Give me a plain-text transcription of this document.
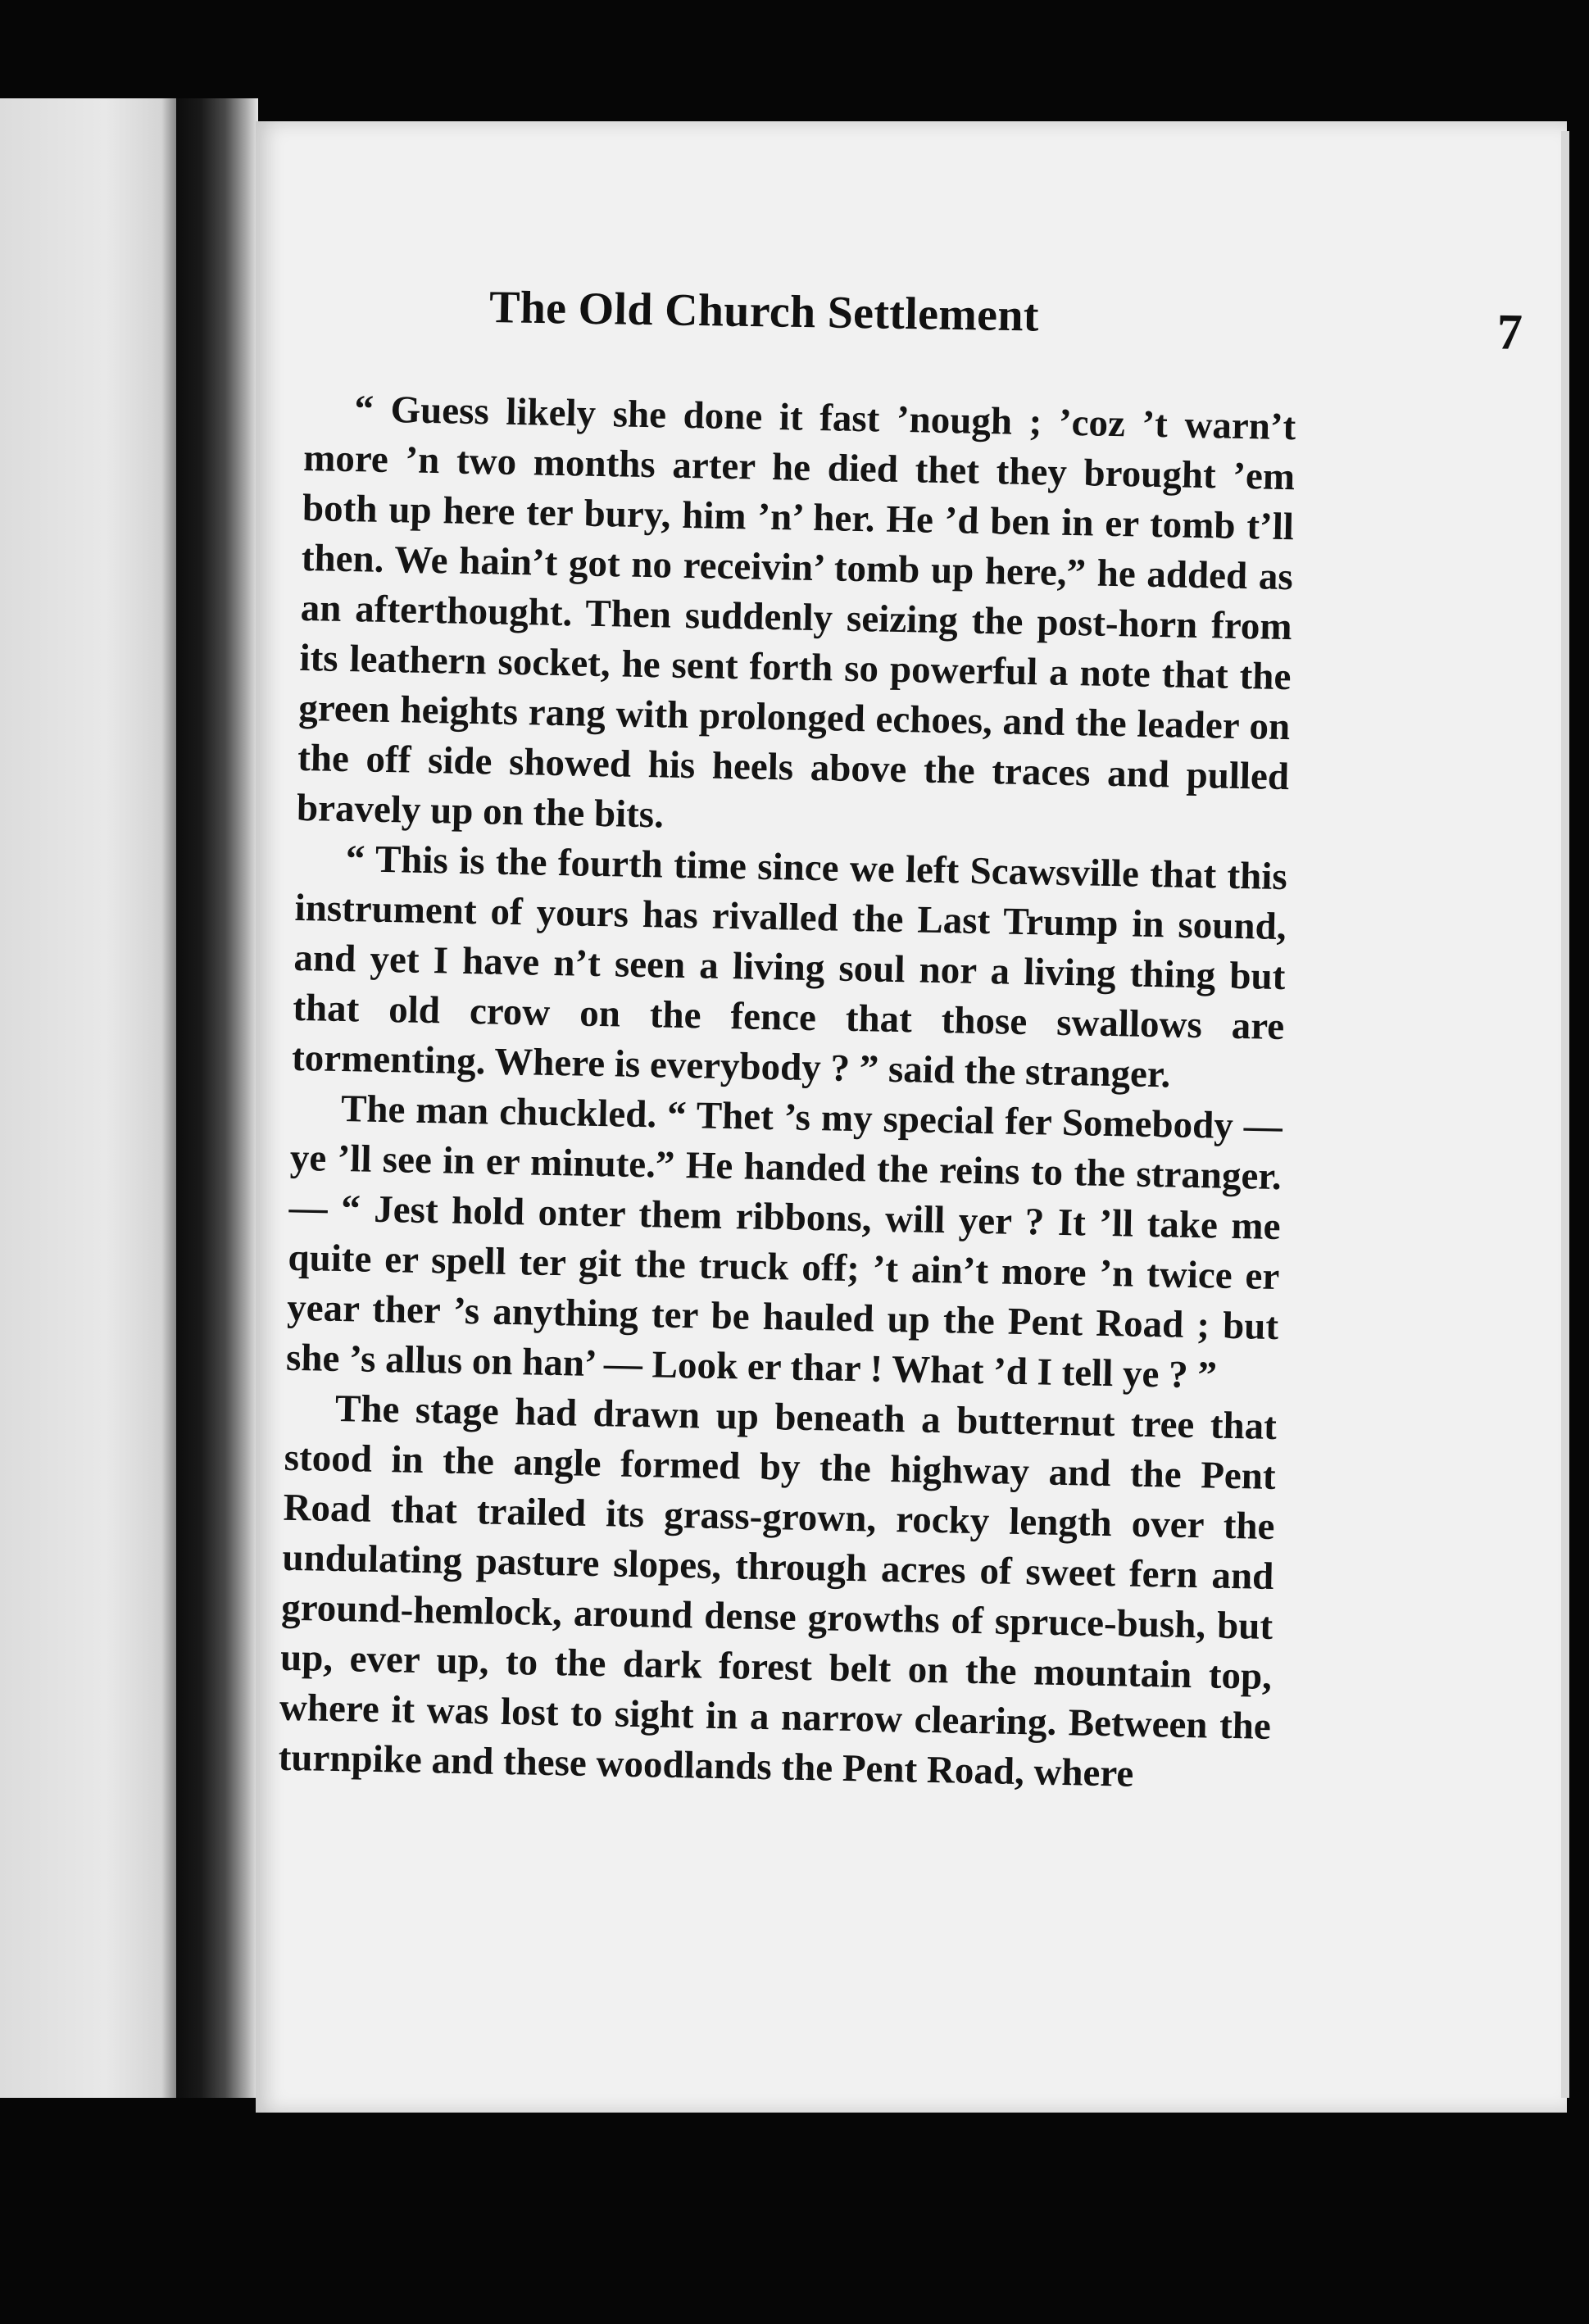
The Old Church Settlement	7

“ Guess likely she done it fast ’nough ; ’coz ’t warn’t more ’n two months arter he died thet they brought ’em both up here ter bury, him ’n’ her. He ’d ben in er tomb t’ll then. We hain’t got no receivin’ tomb up here,” he added as an afterthought. Then suddenly seizing the post-horn from its leathern socket, he sent forth so powerful a note that the green heights rang with prolonged echoes, and the leader on the off side showed his heels above the traces and pulled bravely up on the bits.

“ This is the fourth time since we left Scawsville that this instrument of yours has rivalled the Last Trump in sound, and yet I have n’t seen a living soul nor a living thing but that old crow on the fence that those swallows are tormenting. Where is everybody ? ” said the stranger.

The man chuckled. “ Thet ’s my special fer Somebody — ye ’ll see in er minute.” He handed the reins to the stranger. — “ Jest hold onter them ribbons, will yer ? It ’ll take me quite er spell ter git the truck off; ’t ain’t more ’n twice er year ther ’s anything ter be hauled up the Pent Road ; but she ’s allus on han’ — Look er thar ! What ’d I tell ye ? ”

The stage had drawn up beneath a butternut tree that stood in the angle formed by the highway and the Pent Road that trailed its grass-grown, rocky length over the undulating pasture slopes, through acres of sweet fern and ground-hemlock, around dense growths of spruce-bush, but up, ever up, to the dark forest belt on the mountain top, where it was lost to sight in a narrow clearing. Between the turnpike and these woodlands the Pent Road, where
